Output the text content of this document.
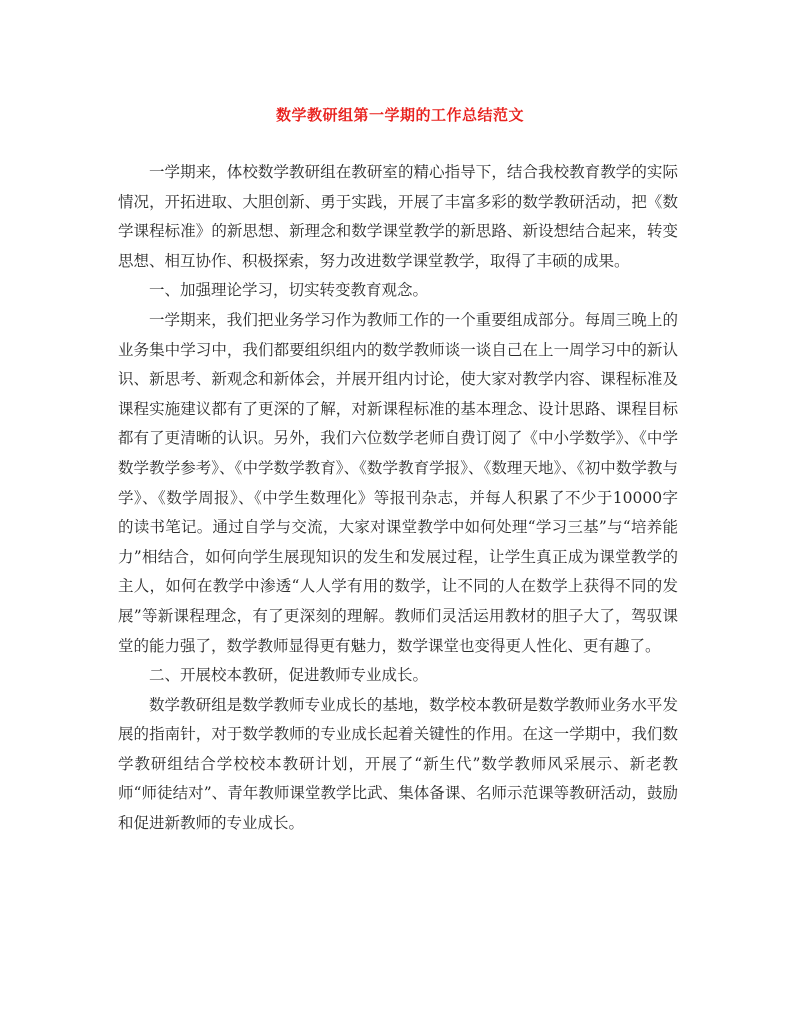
数学教研组第一学期的工作总结范文

一学期来，体校数学教研组在教研室的精心指导下，结合我校教育教学的实际情况，开拓进取、大胆创新、勇于实践，开展了丰富多彩的数学教研活动，把《数学课程标准》的新思想、新理念和数学课堂教学的新思路、新设想结合起来，转变思想、相互协作、积极探索，努力改进数学课堂教学，取得了丰硕的成果。

一、加强理论学习，切实转变教育观念。

一学期来，我们把业务学习作为教师工作的一个重要组成部分。每周三晚上的业务集中学习中，我们都要组织组内的数学教师谈一谈自己在上一周学习中的新认识、新思考、新观念和新体会，并展开组内讨论，使大家对教学内容、课程标准及课程实施建议都有了更深的了解，对新课程标准的基本理念、设计思路、课程目标都有了更清晰的认识。另外，我们六位数学老师自费订阅了《中小学数学》、《中学数学教学参考》、《中学数学教育》、《数学教育学报》、《数理天地》、《初中数学教与学》、《数学周报》、《中学生数理化》等报刊杂志，并每人积累了不少于10000字的读书笔记。通过自学与交流，大家对课堂教学中如何处理“学习三基”与“培养能力”相结合，如何向学生展现知识的发生和发展过程，让学生真正成为课堂教学的主人，如何在教学中渗透“人人学有用的数学，让不同的人在数学上获得不同的发展”等新课程理念，有了更深刻的理解。教师们灵活运用教材的胆子大了，驾驭课堂的能力强了，数学教师显得更有魅力，数学课堂也变得更人性化、更有趣了。

二、开展校本教研，促进教师专业成长。

数学教研组是数学教师专业成长的基地，数学校本教研是数学教师业务水平发展的指南针，对于数学教师的专业成长起着关键性的作用。在这一学期中，我们数学教研组结合学校校本教研计划，开展了“新生代”数学教师风采展示、新老教师“师徒结对”、青年教师课堂教学比武、集体备课、名师示范课等教研活动，鼓励和促进新教师的专业成长。
